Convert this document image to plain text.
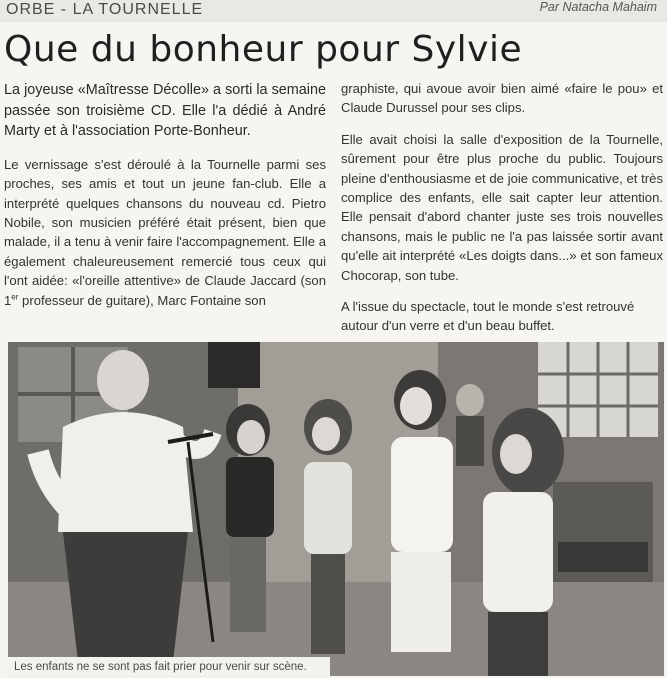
ORBE - LA TOURNELLE	Par Natacha Mahaim
Que du bonheur pour Sylvie

La joyeuse «Maîtresse Décolle» a sorti la semaine passée son troisième CD. Elle l'a dédié à André Marty et à l'association Porte-Bonheur.

Le vernissage s'est déroulé à la Tournelle parmi ses proches, ses amis et tout un jeune fan-club. Elle a interprété quelques chansons du nouveau cd. Pietro Nobile, son musicien préféré était présent, bien que malade, il a tenu à venir faire l'accompagnement. Elle a également chaleureusement remercié tous ceux qui l'ont aidée: «l'oreille attentive» de Claude Jaccard (son 1er professeur de guitare), Marc Fontaine son

graphiste, qui avoue avoir bien aimé «faire le pou» et Claude Durussel pour ses clips.

Elle avait choisi la salle d'exposition de la Tournelle, sûrement pour être plus proche du public. Toujours pleine d'enthousiasme et de joie communicative, et très complice des enfants, elle sait capter leur attention. Elle pensait d'abord chanter juste ses trois nouvelles chansons, mais le public ne l'a pas laissée sortir avant qu'elle ait interprété «Les doigts dans...» et son fameux Chocorap, son tube.

A l'issue du spectacle, tout le monde s'est retrouvé autour d'un verre et d'un beau buffet.

Les enfants ne se sont pas fait prier pour venir sur scène.
